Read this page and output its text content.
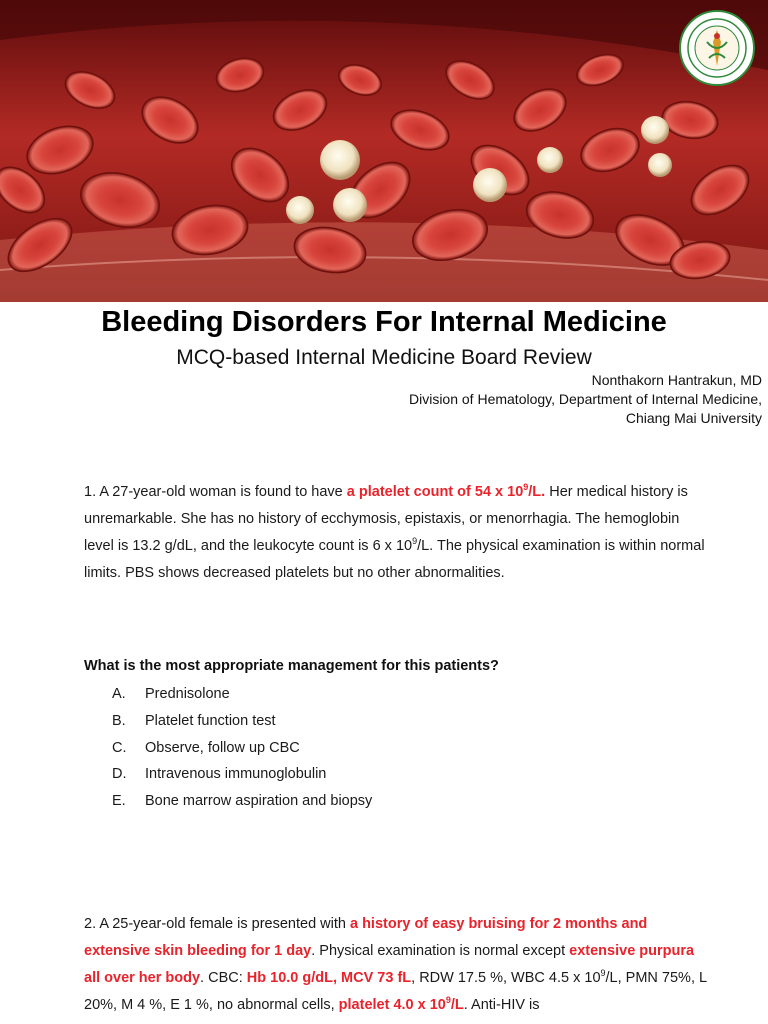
Bleeding Disorders For Internal Medicine
MCQ-based Internal Medicine Board Review
Nonthakorn Hantrakun, MD
Division of Hematology, Department of Internal Medicine,
Chiang Mai University
1. A 27-year-old woman is found to have a platelet count of 54 x $10^9/L$. Her medical history is unremarkable. She has no history of ecchymosis, epistaxis, or menorrhagia. The hemoglobin level is 13.2 g/dL, and the leukocyte count is 6 x $10^9/L$. The physical examination is within normal limits. PBS shows decreased platelets but no other abnormalities.
What is the most appropriate management for this patients?
A.	Prednisolone
B.	Platelet function test
C.	Observe, follow up CBC
D.	Intravenous immunoglobulin
E.	Bone marrow aspiration and biopsy
2. A 25-year-old female is presented with a history of easy bruising for 2 months and extensive skin bleeding for 1 day. Physical examination is normal except extensive purpura all over her body. CBC: Hb 10.0 g/dL, MCV 73 fL, RDW 17.5 %, WBC 4.5 x $10^9/L$, PMN 75%, L 20%, M 4 %, E 1 %, no abnormal cells, platelet 4.0 x $10^9/L$. Anti-HIV is
